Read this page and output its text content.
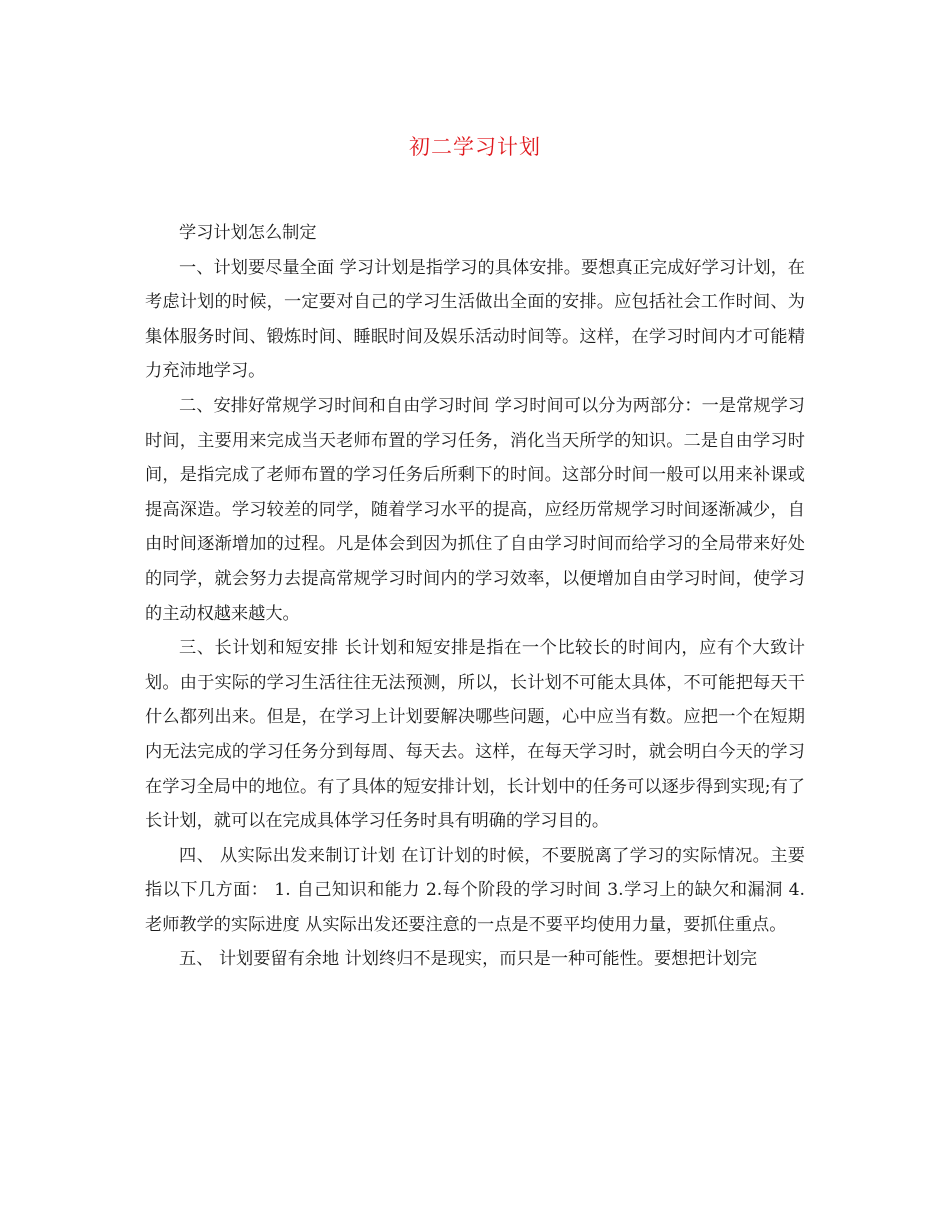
初二学习计划

学习计划怎么制定

一、计划要尽量全面 学习计划是指学习的具体安排。要想真正完成好学习计划，在考虑计划的时候，一定要对自己的学习生活做出全面的安排。应包括社会工作时间、为集体服务时间、锻炼时间、睡眠时间及娱乐活动时间等。这样，在学习时间内才可能精力充沛地学习。

二、安排好常规学习时间和自由学习时间 学习时间可以分为两部分：一是常规学习时间，主要用来完成当天老师布置的学习任务，消化当天所学的知识。二是自由学习时间，是指完成了老师布置的学习任务后所剩下的时间。这部分时间一般可以用来补课或提高深造。学习较差的同学，随着学习水平的提高，应经历常规学习时间逐渐减少，自由时间逐渐增加的过程。凡是体会到因为抓住了自由学习时间而给学习的全局带来好处的同学，就会努力去提高常规学习时间内的学习效率，以便增加自由学习时间，使学习的主动权越来越大。

三、长计划和短安排 长计划和短安排是指在一个比较长的时间内，应有个大致计划。由于实际的学习生活往往无法预测，所以，长计划不可能太具体，不可能把每天干什么都列出来。但是，在学习上计划要解决哪些问题，心中应当有数。应把一个在短期内无法完成的学习任务分到每周、每天去。这样，在每天学习时，就会明白今天的学习在学习全局中的地位。有了具体的短安排计划，长计划中的任务可以逐步得到实现;有了长计划，就可以在完成具体学习任务时具有明确的学习目的。

四、 从实际出发来制订计划 在订计划的时候，不要脱离了学习的实际情况。主要指以下几方面： 1. 自己知识和能力 2.每个阶段的学习时间 3.学习上的缺欠和漏洞 4.老师教学的实际进度 从实际出发还要注意的一点是不要平均使用力量，要抓住重点。

五、 计划要留有余地 计划终归不是现实，而只是一种可能性。要想把计划完
